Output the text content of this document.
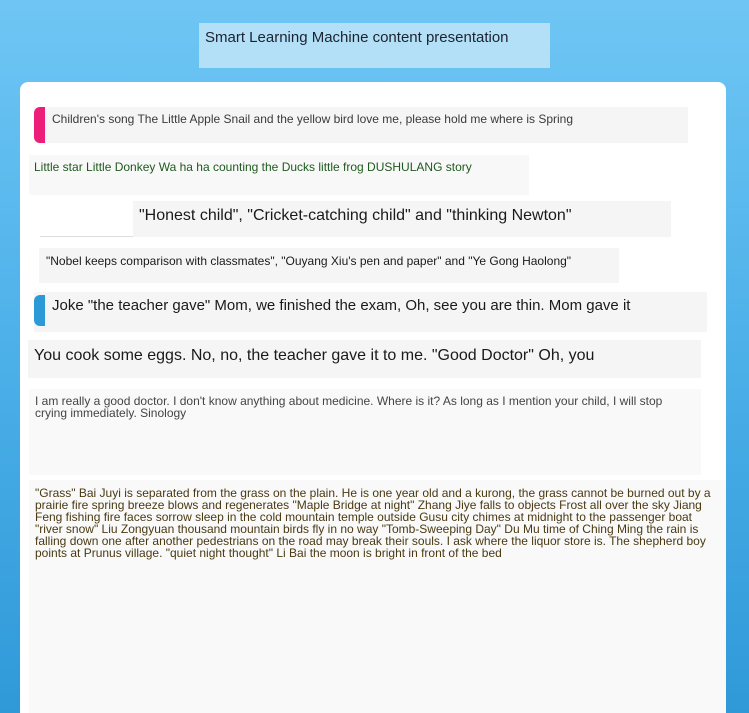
Smart Learning Machine content presentation
Children's song The Little Apple Snail and the yellow bird love me, please hold me where is Spring
Little star Little Donkey Wa ha ha counting the Ducks little frog DUSHULANG story
"Honest child", "Cricket-catching child" and "thinking Newton"
"Nobel keeps comparison with classmates", "Ouyang Xiu's pen and paper" and "Ye Gong Haolong"
Joke "the teacher gave" Mom, we finished the exam, Oh, see you are thin. Mom gave it
You cook some eggs. No, no, the teacher gave it to me. "Good Doctor" Oh, you
I am really a good doctor. I don't know anything about medicine. Where is it? As long as I mention your child, I will stop crying immediately. Sinology
"Grass" Bai Juyi is separated from the grass on the plain. He is one year old and a kurong, the grass cannot be burned out by a prairie fire spring breeze blows and regenerates "Maple Bridge at night" Zhang Jiye falls to objects Frost all over the sky Jiang Feng fishing fire faces sorrow sleep in the cold mountain temple outside Gusu city chimes at midnight to the passenger boat "river snow" Liu Zongyuan thousand mountain birds fly in no way "Tomb-Sweeping Day" Du Mu time of Ching Ming the rain is falling down one after another pedestrians on the road may break their souls. I ask where the liquor store is. The shepherd boy points at Prunus village. "quiet night thought" Li Bai the moon is bright in front of the bed
